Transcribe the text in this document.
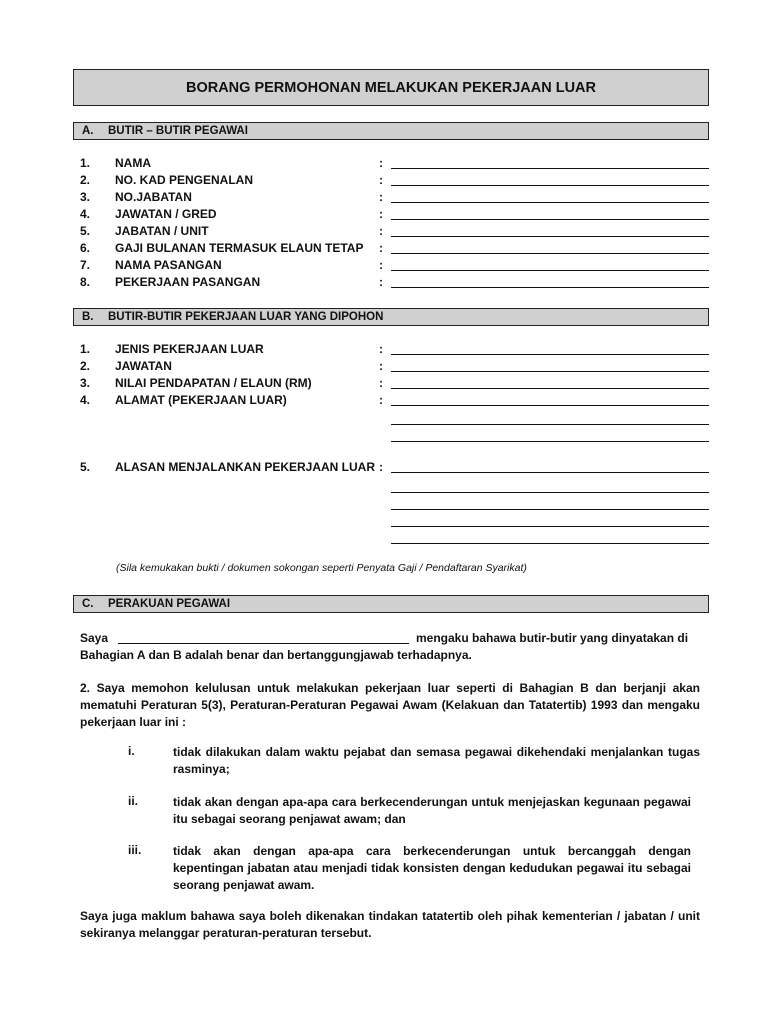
BORANG PERMOHONAN MELAKUKAN PEKERJAAN LUAR
A. BUTIR – BUTIR PEGAWAI
1. NAMA	:
2. NO. KAD PENGENALAN	:
3. NO.JABATAN	:
4. JAWATAN / GRED	:
5. JABATAN / UNIT	:
6. GAJI BULANAN TERMASUK ELAUN TETAP :
7. NAMA PASANGAN	:
8. PEKERJAAN PASANGAN	:
B. BUTIR-BUTIR PEKERJAAN LUAR YANG DIPOHON
1. JENIS PEKERJAAN LUAR	:
2. JAWATAN	:
3. NILAI PENDAPATAN / ELAUN (RM)	:
4. ALAMAT (PEKERJAAN LUAR)	:
5. ALASAN MENJALANKAN PEKERJAAN LUAR :
(Sila kemukakan bukti / dokumen sokongan seperti Penyata Gaji / Pendaftaran Syarikat)
C. PERAKUAN PEGAWAI
Saya	mengaku bahawa butir-butir yang dinyatakan di
Bahagian A dan B adalah benar dan bertanggungjawab terhadapnya.
2. Saya memohon kelulusan untuk melakukan pekerjaan luar seperti di Bahagian B dan berjanji akan mematuhi Peraturan 5(3), Peraturan-Peraturan Pegawai Awam (Kelakuan dan Tatatertib) 1993 dan mengaku pekerjaan luar ini :
i.	tidak dilakukan dalam waktu pejabat dan semasa pegawai dikehendaki menjalankan tugas rasminya;
ii.	tidak akan dengan apa-apa cara berkecenderungan untuk menjejaskan kegunaan pegawai itu sebagai seorang penjawat awam; dan
iii.	tidak akan dengan apa-apa cara berkecenderungan untuk bercanggah dengan kepentingan jabatan atau menjadi tidak konsisten dengan kedudukan pegawai itu sebagai seorang penjawat awam.
Saya juga maklum bahawa saya boleh dikenakan tindakan tatatertib oleh pihak kementerian / jabatan / unit sekiranya melanggar peraturan-peraturan tersebut.
